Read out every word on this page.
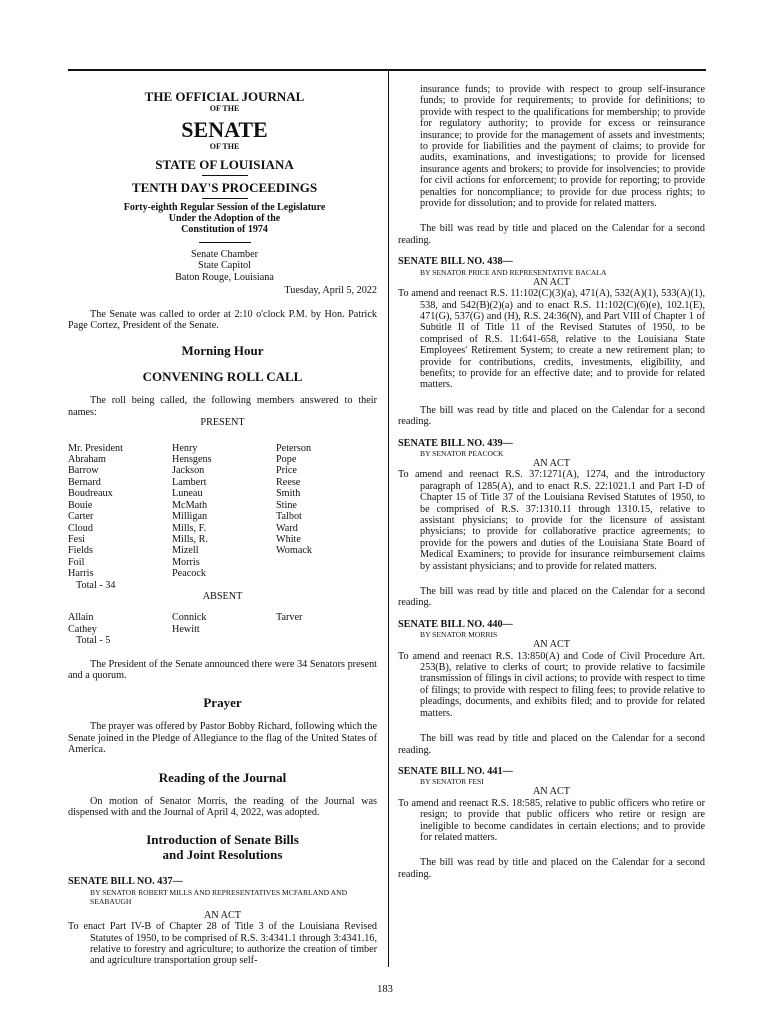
THE OFFICIAL JOURNAL
OF THE
SENATE
OF THE
STATE OF LOUISIANA
TENTH DAY'S PROCEEDINGS
Forty-eighth Regular Session of the Legislature
Under the Adoption of the
Constitution of 1974
Senate Chamber
State Capitol
Baton Rouge, Louisiana
Tuesday, April 5, 2022

The Senate was called to order at 2:10 o'clock P.M. by Hon. Patrick Page Cortez, President of the Senate.

Morning Hour
CONVENING ROLL CALL

The roll being called, the following members answered to their names:

PRESENT
Mr. President
Abraham
Barrow
Bernard
Boudreaux
Bouie
Carter
Cloud
Fesi
Fields
Foil
Harris
Henry
Hensgens
Jackson
Lambert
Luneau
McMath
Milligan
Mills, F.
Mills, R.
Mizell
Morris
Peacock
Peterson
Pope
Price
Reese
Smith
Stine
Talbot
Ward
White
Womack
Total - 34
ABSENT
Allain
Cathey
Connick
Hewitt
Tarver
Total - 5

The President of the Senate announced there were 34 Senators present and a quorum.

Prayer

The prayer was offered by Pastor Bobby Richard, following which the Senate joined in the Pledge of Allegiance to the flag of the United States of America.

Reading of the Journal

On motion of Senator Morris, the reading of the Journal was dispensed with and the Journal of April 4, 2022, was adopted.

Introduction of Senate Bills
and Joint Resolutions
SENATE BILL NO. 437—
BY SENATOR ROBERT MILLS AND REPRESENTATIVES MCFARLAND AND SEABAUGH
AN ACT
To enact Part IV-B of Chapter 28 of Title 3 of the Louisiana Revised Statutes of 1950, to be comprised of R.S. 3:4341.1 through 3:4341.16, relative to forestry and agriculture; to authorize the creation of timber and agriculture transportation group self-
insurance funds; to provide with respect to group self-insurance funds; to provide for requirements; to provide for definitions; to provide with respect to the qualifications for membership; to provide for regulatory authority; to provide for excess or reinsurance insurance; to provide for the management of assets and investments; to provide for liabilities and the payment of claims; to provide for audits, examinations, and investigations; to provide for licensed insurance agents and brokers; to provide for insolvencies; to provide for civil actions for enforcement; to provide for reporting; to provide penalties for noncompliance; to provide for due process rights; to provide for dissolution; and to provide for related matters.

The bill was read by title and placed on the Calendar for a second reading.

SENATE BILL NO. 438—
BY SENATOR PRICE AND REPRESENTATIVE BACALA
AN ACT
To amend and reenact R.S. 11:102(C)(3)(a), 471(A), 532(A)(1), 533(A)(1), 538, and 542(B)(2)(a) and to enact R.S. 11:102(C)(6)(e), 102.1(E), 471(G), 537(G) and (H), R.S. 24:36(N), and Part VIII of Chapter 1 of Subtitle II of Title 11 of the Revised Statutes of 1950, to be comprised of R.S. 11:641-658, relative to the Louisiana State Employees' Retirement System; to create a new retirement plan; to provide for contributions, credits, investments, eligibility, and benefits; to provide for an effective date; and to provide for related matters.

The bill was read by title and placed on the Calendar for a second reading.

SENATE BILL NO. 439—
BY SENATOR PEACOCK
AN ACT
To amend and reenact R.S. 37:1271(A), 1274, and the introductory paragraph of 1285(A), and to enact R.S. 22:1021.1 and Part I-D of Chapter 15 of Title 37 of the Louisiana Revised Statutes of 1950, to be comprised of R.S. 37:1310.11 through 1310.15, relative to assistant physicians; to provide for the licensure of assistant physicians; to provide for collaborative practice agreements; to provide for the powers and duties of the Louisiana State Board of Medical Examiners; to provide for insurance reimbursement claims by assistant physicians; and to provide for related matters.

The bill was read by title and placed on the Calendar for a second reading.

SENATE BILL NO. 440—
BY SENATOR MORRIS
AN ACT
To amend and reenact R.S. 13:850(A) and Code of Civil Procedure Art. 253(B), relative to clerks of court; to provide relative to facsimile transmission of filings in civil actions; to provide with respect to time of filings; to provide with respect to filing fees; to provide relative to pleadings, documents, and exhibits filed; and to provide for related matters.

The bill was read by title and placed on the Calendar for a second reading.

SENATE BILL NO. 441—
BY SENATOR FESI
AN ACT
To amend and reenact R.S. 18:585, relative to public officers who retire or resign; to provide that public officers who retire or resign are ineligible to become candidates in certain elections; and to provide for related matters.

The bill was read by title and placed on the Calendar for a second reading.

183
